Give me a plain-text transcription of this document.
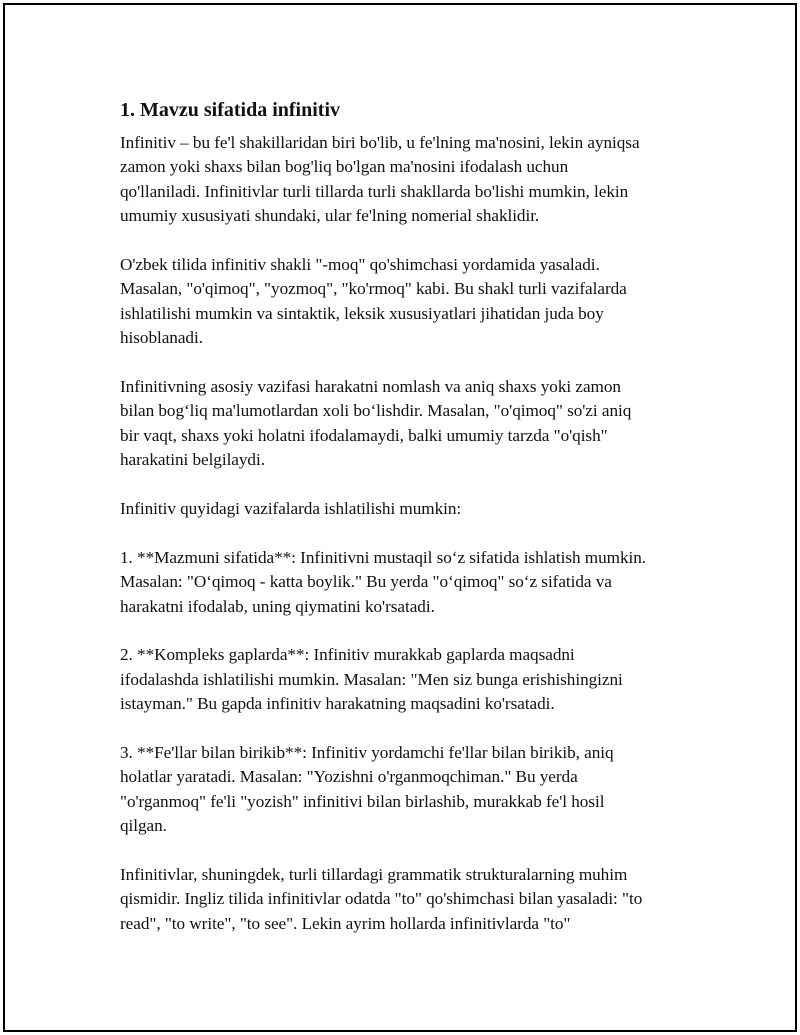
1. Mavzu sifatida infinitiv
Infinitiv – bu fe'l shakillaridan biri bo'lib, u fe'lning ma'nosini, lekin ayniqsa
zamon yoki shaxs bilan bog'liq bo'lgan ma'nosini ifodalash uchun
qo'llaniladi. Infinitivlar turli tillarda turli shakllarda bo'lishi mumkin, lekin
umumiy xususiyati shundaki, ular fe'lning nomerial shaklidir.
O'zbek tilida infinitiv shakli "-moq" qo'shimchasi yordamida yasaladi.
Masalan, "o'qimoq", "yozmoq", "ko'rmoq" kabi. Bu shakl turli vazifalarda
ishlatilishi mumkin va sintaktik, leksik xususiyatlari jihatidan juda boy
hisoblanadi.
Infinitivning asosiy vazifasi harakatni nomlash va aniq shaxs yoki zamon
bilan bog‘liq ma'lumotlardan xoli bo‘lishdir. Masalan, "o'qimoq" so'zi aniq
bir vaqt, shaxs yoki holatni ifodalamaydi, balki umumiy tarzda "o'qish"
harakatini belgilaydi.
Infinitiv quyidagi vazifalarda ishlatilishi mumkin:
1. **Mazmuni sifatida**: Infinitivni mustaqil so‘z sifatida ishlatish mumkin.
Masalan: "O‘qimoq - katta boylik." Bu yerda "o‘qimoq" so‘z sifatida va
harakatni ifodalab, uning qiymatini ko'rsatadi.
2. **Kompleks gaplarda**: Infinitiv murakkab gaplarda maqsadni
ifodalashda ishlatilishi mumkin. Masalan: "Men siz bunga erishishingizni
istayman." Bu gapda infinitiv harakatning maqsadini ko'rsatadi.
3. **Fe'llar bilan birikib**: Infinitiv yordamchi fe'llar bilan birikib, aniq
holatlar yaratadi. Masalan: "Yozishni o'rganmoqchiman." Bu yerda
"o'rganmoq" fe'li "yozish" infinitivi bilan birlashib, murakkab fe'l hosil
qilgan.
Infinitivlar, shuningdek, turli tillardagi grammatik strukturalarning muhim
qismidir. Ingliz tilida infinitivlar odatda "to" qo'shimchasi bilan yasaladi: "to
read", "to write", "to see". Lekin ayrim hollarda infinitivlarda "to"
